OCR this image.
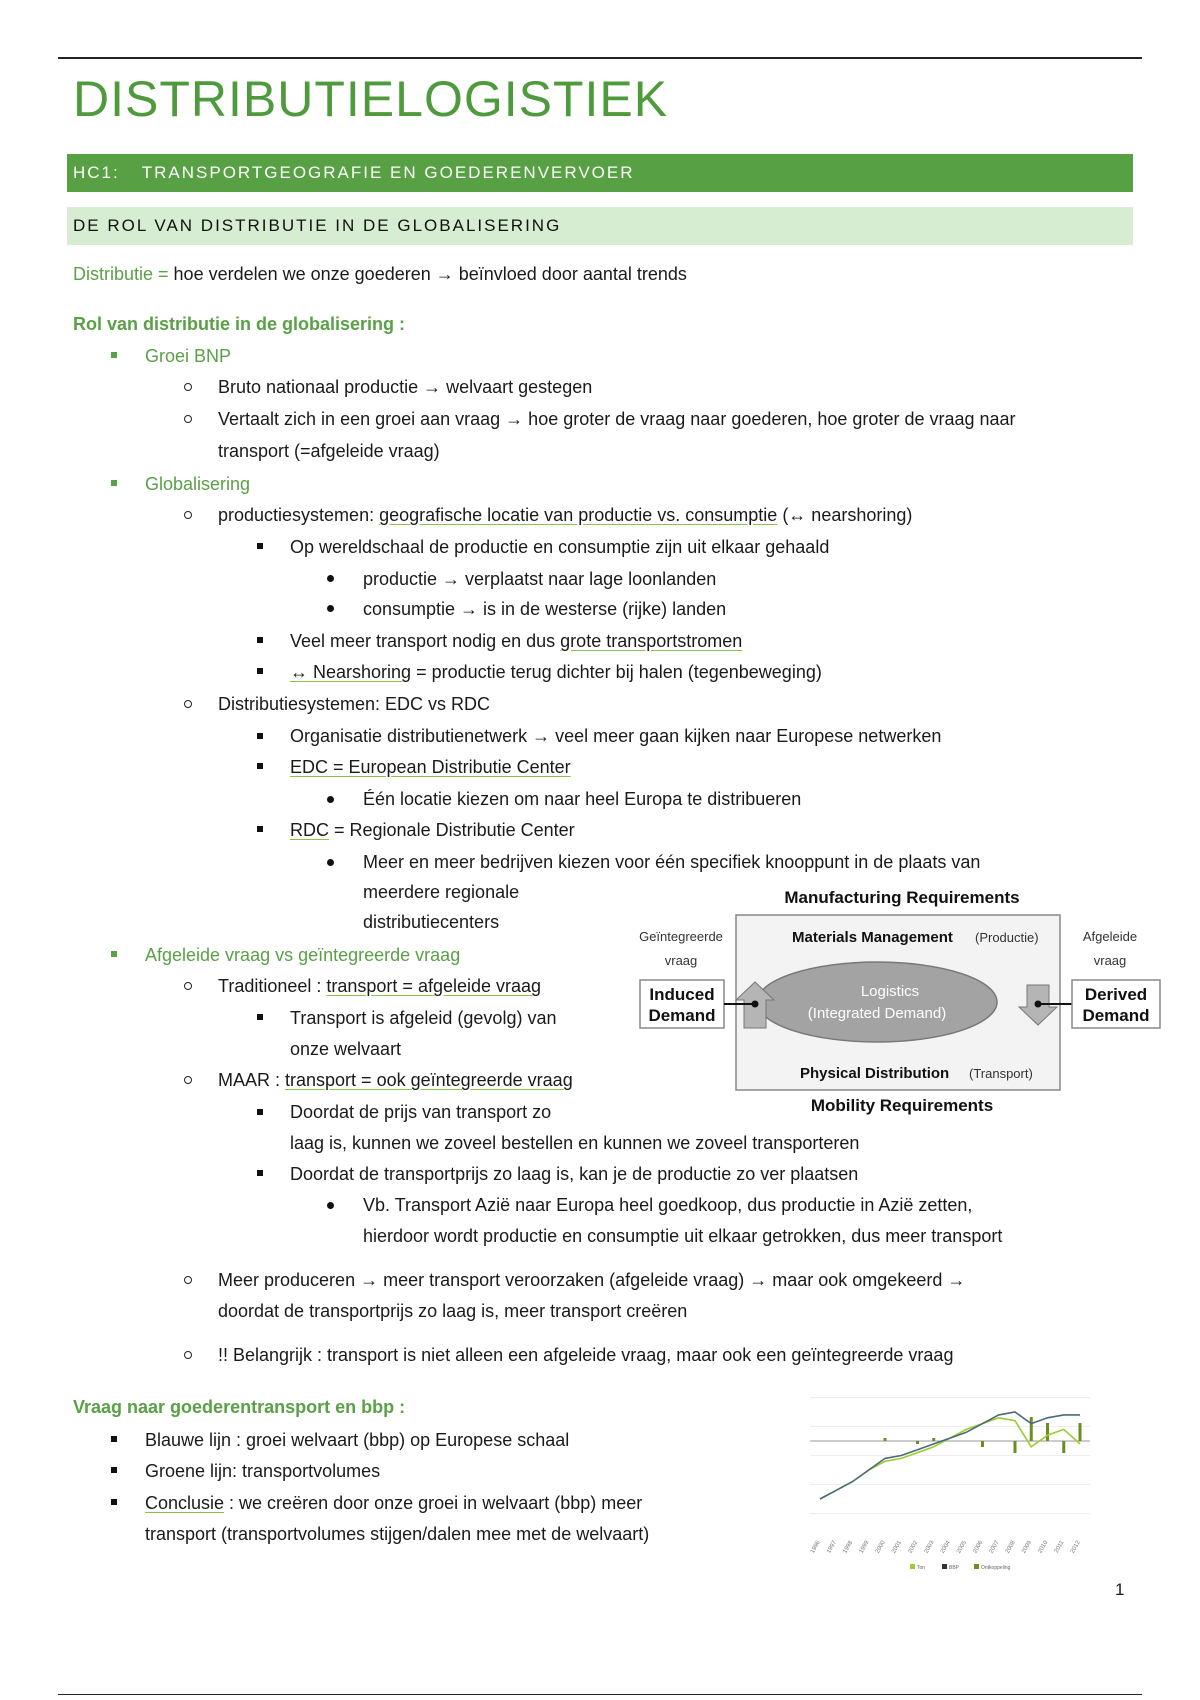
DISTRIBUTIELOGISTIEK
HC1: TRANSPORTGEOGRAFIE EN GOEDERENVERVOER
DE ROL VAN DISTRIBUTIE IN DE GLOBALISERING
Distributie = hoe verdelen we onze goederen → beïnvloed door aantal trends
Rol van distributie in de globalisering :
Groei BNP
Bruto nationaal productie → welvaart gestegen
Vertaalt zich in een groei aan vraag → hoe groter de vraag naar goederen, hoe groter de vraag naar
transport (=afgeleide vraag)
Globalisering
productiesystemen: geografische locatie van productie vs. consumptie (↔ nearshoring)
Op wereldschaal de productie en consumptie zijn uit elkaar gehaald
productie → verplaatst naar lage loonlanden
consumptie → is in de westerse (rijke) landen
Veel meer transport nodig en dus grote transportstromen
↔ Nearshoring = productie terug dichter bij halen (tegenbeweging)
Distributiesystemen: EDC vs RDC
Organisatie distributienetwerk → veel meer gaan kijken naar Europese netwerken
EDC = European Distributie Center
Één locatie kiezen om naar heel Europa te distribueren
RDC = Regionale Distributie Center
Meer en meer bedrijven kiezen voor één specifiek knooppunt in de plaats van
meerdere regionale
distributiecenters
Afgeleide vraag vs geïntegreerde vraag
Traditioneel : transport = afgeleide vraag
Transport is afgeleid (gevolg) van
onze welvaart
MAAR : transport = ook geïntegreerde vraag
Doordat de prijs van transport zo
laag is, kunnen we zoveel bestellen en kunnen we zoveel transporteren
Doordat de transportprijs zo laag is, kan je de productie zo ver plaatsen
Vb. Transport Azië naar Europa heel goedkoop, dus productie in Azië zetten,
hierdoor wordt productie en consumptie uit elkaar getrokken, dus meer transport
Meer produceren → meer transport veroorzaken (afgeleide vraag) → maar ook omgekeerd →
doordat de transportprijs zo laag is, meer transport creëren
!! Belangrijk : transport is niet alleen een afgeleide vraag, maar ook een geïntegreerde vraag
Vraag naar goederentransport en bbp :
Blauwe lijn : groei welvaart (bbp) op Europese schaal
Groene lijn: transportvolumes
Conclusie : we creëren door onze groei in welvaart (bbp) meer
transport (transportvolumes stijgen/dalen mee met de welvaart)
Manufacturing Requirements
Materials Management (Productie)
Logistics
(Integrated Demand)
Physical Distribution (Transport)
Mobility Requirements
Geïntegreerde
vraag
Induced
Demand
Afgeleide
vraag
Derived
Demand
1996 1997 1998 1999 2000 2001 2002 2003 2004 2005 2006 2007 2008 2009 2010 2011 2012
Ton	BBP	Ontkoppeling
1
